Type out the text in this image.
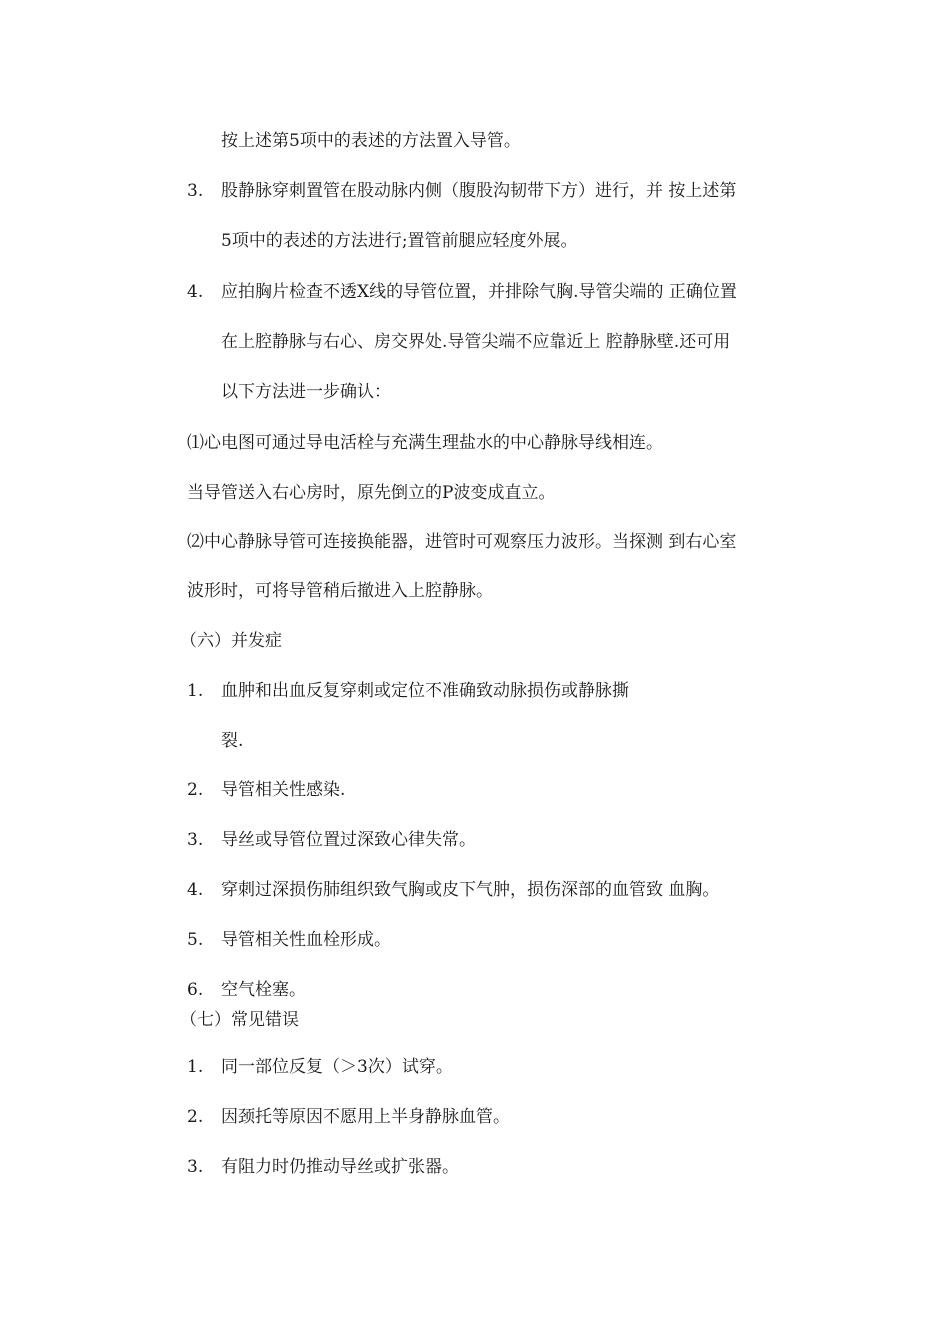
按上述第5项中的表述的方法置入导管。
3. 股静脉穿刺置管在股动脉内侧（腹股沟韧带下方）进行，并 按上述第
5项中的表述的方法进行;置管前腿应轻度外展。
4. 应拍胸片检查不透X线的导管位置，并排除气胸.导管尖端的 正确位置
在上腔静脉与右心、房交界处.导管尖端不应靠近上 腔静脉壁.还可用
以下方法进一步确认：
⑴心电图可通过导电活栓与充满生理盐水的中心静脉导线相连。
当导管送入右心房时，原先倒立的P波变成直立。
⑵中心静脉导管可连接换能器，进管时可观察压力波形。当探测 到右心室
波形时，可将导管稍后撤进入上腔静脉。
（六）并发症
1. 血肿和出血反复穿刺或定位不准确致动脉损伤或静脉撕
裂.
2. 导管相关性感染.
3. 导丝或导管位置过深致心律失常。
4. 穿刺过深损伤肺组织致气胸或皮下气肿，损伤深部的血管致 血胸。
5. 导管相关性血栓形成。
6. 空气栓塞。
（七）常见错误
1. 同一部位反复（＞3次）试穿。
2. 因颈托等原因不愿用上半身静脉血管。
3. 有阻力时仍推动导丝或扩张器。
